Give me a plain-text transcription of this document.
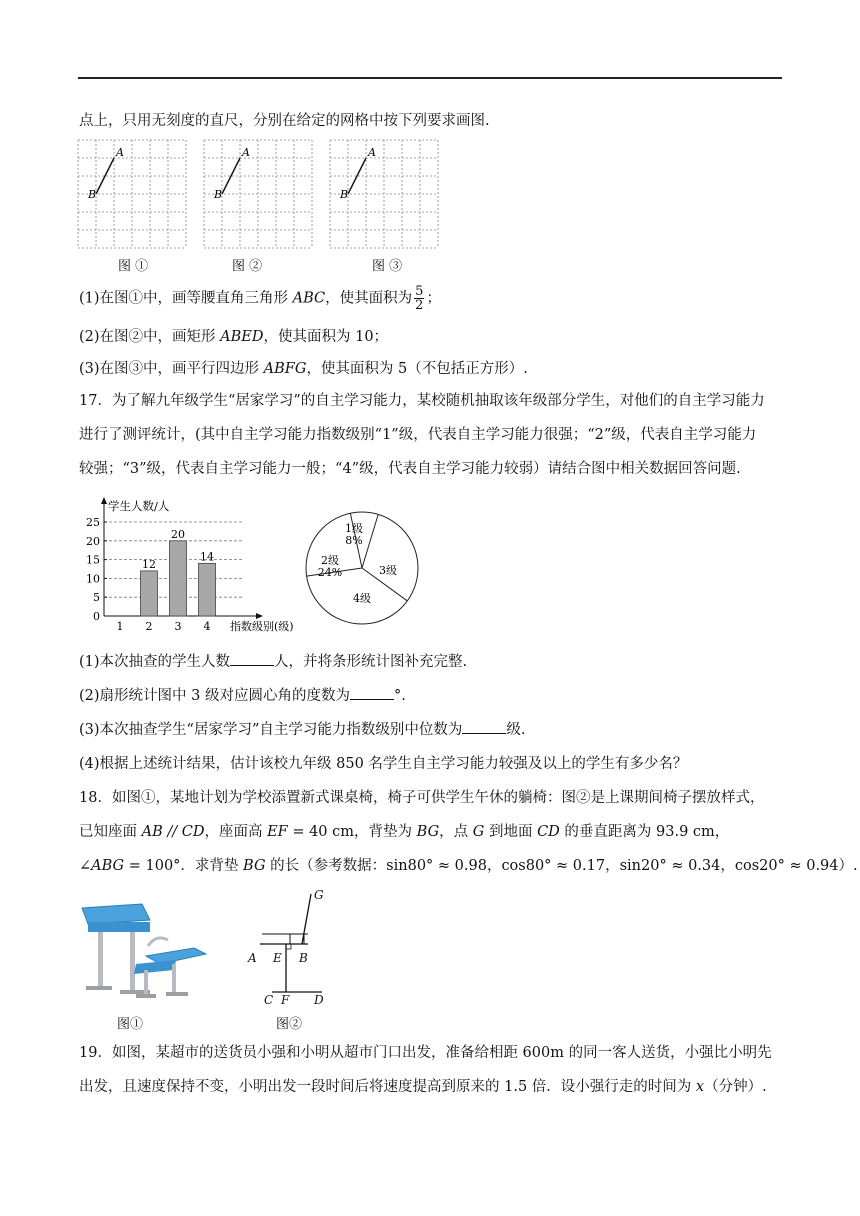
点上，只用无刻度的直尺，分别在给定的网格中按下列要求画图.
A
B
A
B
A
B
图 ①	图 ②	图 ③
(1)在图①中，画等腰直角三角形 ABC，使其面积为 $\frac{5}{2}$ ；
(2)在图②中，画矩形 ABED，使其面积为 10；
(3)在图③中，画平行四边形 ABFG，使其面积为 5（不包括正方形）.
17．为了解九年级学生“居家学习”的自主学习能力，某校随机抽取该年级部分学生，对他们的自主学习能力
进行了测评统计，(其中自主学习能力指数级别“1”级，代表自主学习能力很强；“2”级，代表自主学习能力
较强；“3”级，代表自主学习能力一般；“4”级，代表自主学习能力较弱）请结合图中相关数据回答问题.
0
5
10
15
20
25
学生人数/人
指数级别(级)
1 2
12
3
20
4
14
1级
8%
2级
24%	3级
4级
(1)本次抽查的学生人数	人，并将条形统计图补充完整.
(2)扇形统计图中 3 级对应圆心角的度数为	°.
(3)本次抽查学生“居家学习”自主学习能力指数级别中位数为	级.
(4)根据上述统计结果，估计该校九年级 850 名学生自主学习能力较强及以上的学生有多少名？
18．如图①，某地计划为学校添置新式课桌椅，椅子可供学生午休的躺椅：图②是上课期间椅子摆放样式，
已知座面 AB // CD，座面高 EF = 40 cm，背垫为 BG，点 G 到地面 CD 的垂直距离为 93.9 cm，
∠ABG = 100°．求背垫 BG 的长（参考数据：sin80° ≈ 0.98，cos80° ≈ 0.17，sin20° ≈ 0.34，cos20° ≈ 0.94）.
图①
G
A E B
C F D
图②
19．如图，某超市的送货员小强和小明从超市门口出发，准备给相距 600m 的同一客人送货，小强比小明先
出发，且速度保持不变，小明出发一段时间后将速度提高到原来的 1.5 倍．设小强行走的时间为 x（分钟）.
